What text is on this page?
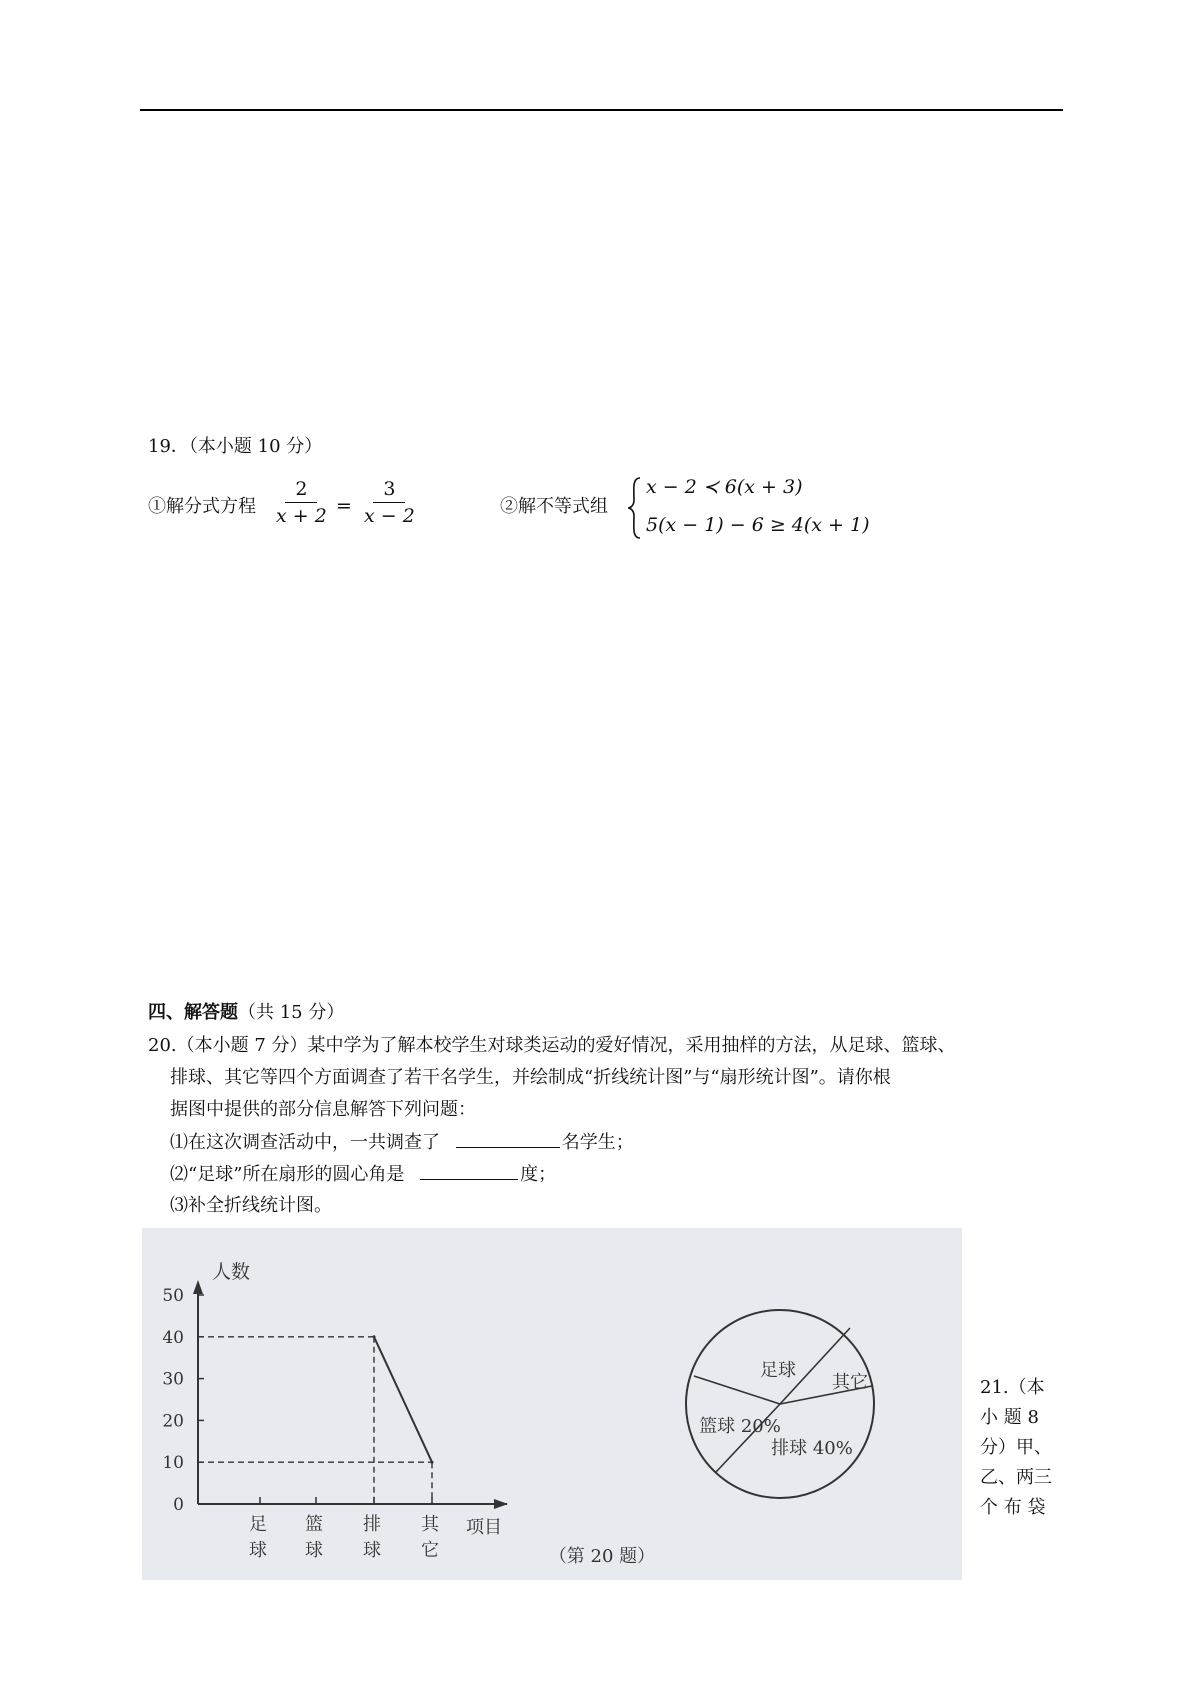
19．（本小题 10 分）
①解分式方程 $\frac{2}{x + 2} = \frac{3}{x - 2}$	②解不等式组
x − 2 ≺ 6(x + 3)
5(x − 1) − 6 ≥ 4(x + 1)
四、解答题（共 15 分）
20.（本小题 7 分）某中学为了解本校学生对球类运动的爱好情况，采用抽样的方法，从足球、篮球、
排球、其它等四个方面调查了若干名学生，并绘制成“折线统计图”与“扇形统计图”。请你根
据图中提供的部分信息解答下列问题：
⑴在这次调查活动中，一共调查了	名学生；
⑵“足球”所在扇形的圆心角是	度；
⑶补全折线统计图。
人数
项目
0
10
20
30
40
50
足
球
篮
球
排
球
其
它
足球
其它
篮球 20%
排球 40%
（第 20 题）
21.（本
小 题 8
分）甲、
乙、两三
个 布 袋
